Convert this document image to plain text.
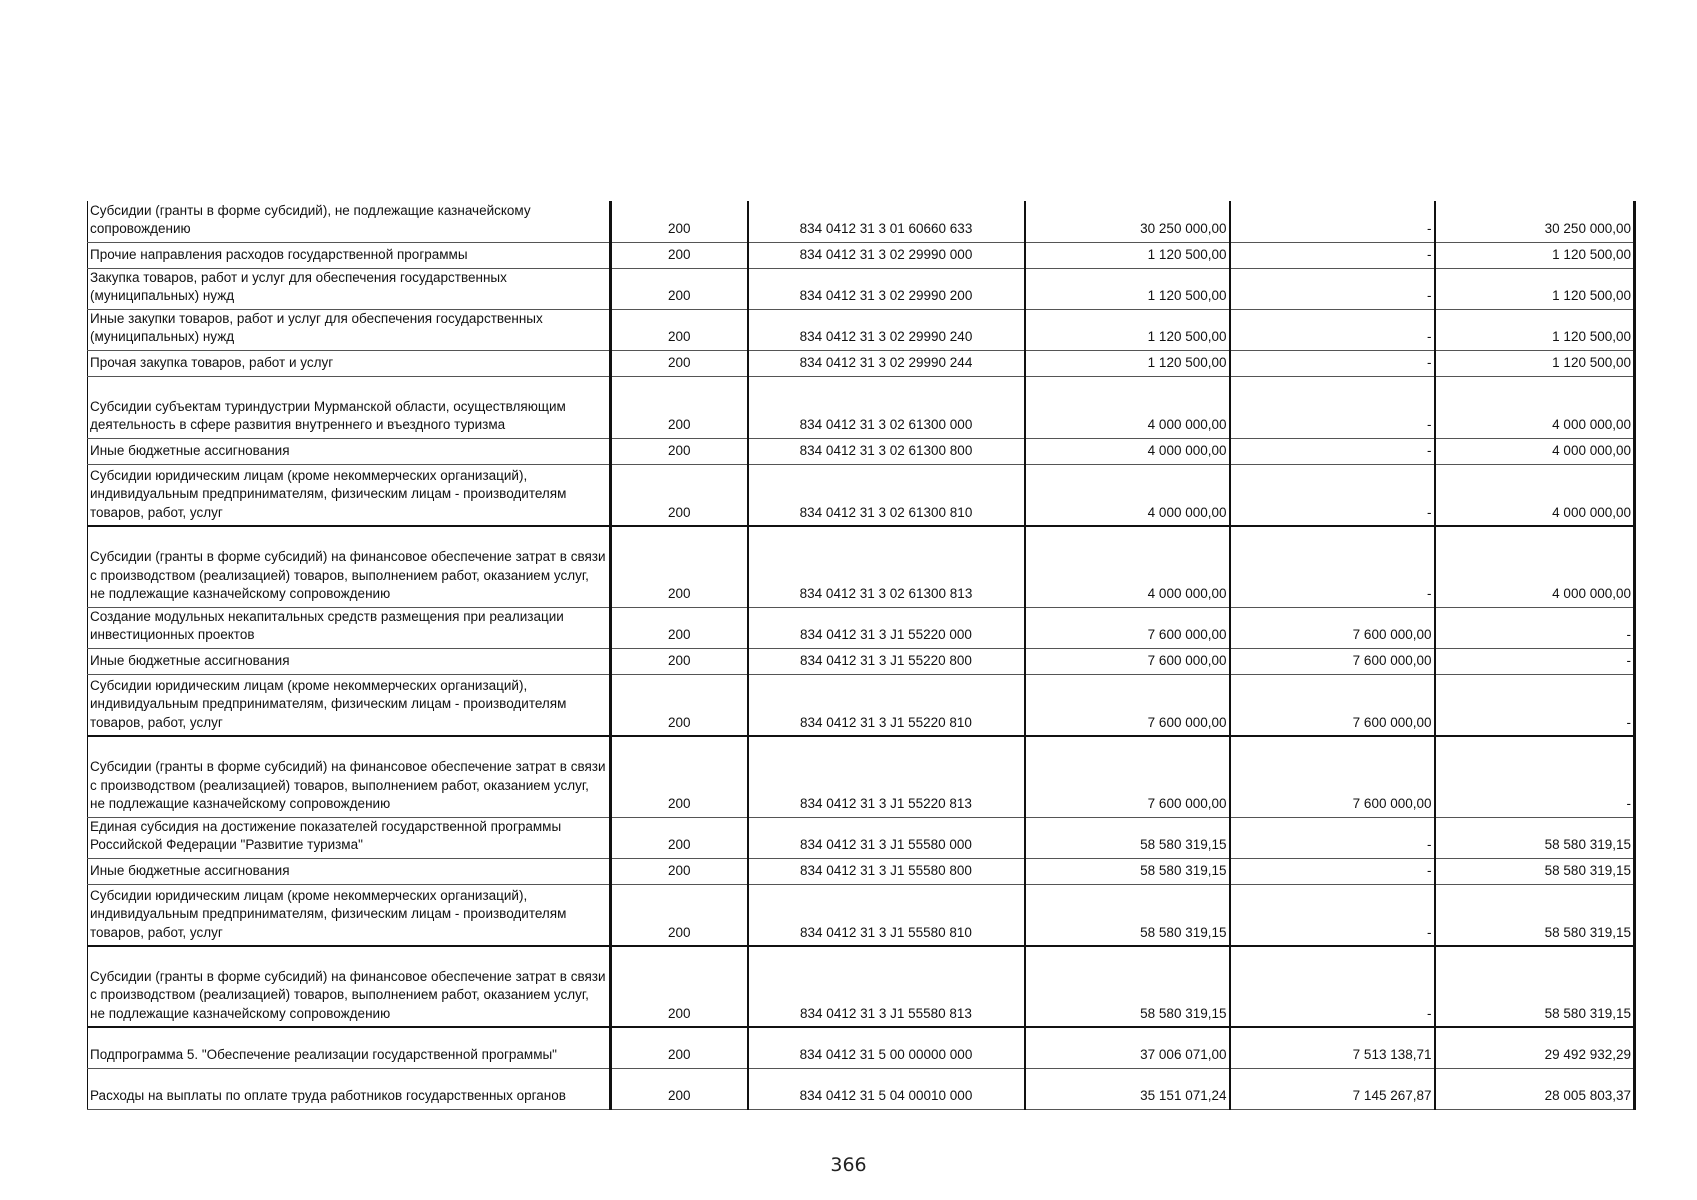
Субсидии (гранты в форме субсидий), не подлежащие казначейскому сопровождению	200	834 0412 31 3 01 60660 633	30 250 000,00	-	30 250 000,00
Прочие направления расходов государственной программы	200	834 0412 31 3 02 29990 000	1 120 500,00	-	1 120 500,00
Закупка товаров, работ и услуг для обеспечения государственных (муниципальных) нужд	200	834 0412 31 3 02 29990 200	1 120 500,00	-	1 120 500,00
Иные закупки товаров, работ и услуг для обеспечения государственных (муниципальных) нужд	200	834 0412 31 3 02 29990 240	1 120 500,00	-	1 120 500,00
Прочая закупка товаров, работ и услуг	200	834 0412 31 3 02 29990 244	1 120 500,00	-	1 120 500,00
Субсидии субъектам туриндустрии Мурманской области, осуществляющим деятельность в сфере развития внутреннего и въездного туризма	200	834 0412 31 3 02 61300 000	4 000 000,00	-	4 000 000,00
Иные бюджетные ассигнования	200	834 0412 31 3 02 61300 800	4 000 000,00	-	4 000 000,00
Субсидии юридическим лицам (кроме некоммерческих организаций), индивидуальным предпринимателям, физическим лицам - производителям товаров, работ, услуг	200	834 0412 31 3 02 61300 810	4 000 000,00	-	4 000 000,00
Субсидии (гранты в форме субсидий) на финансовое обеспечение затрат в связи с производством (реализацией) товаров, выполнением работ, оказанием услуг, не подлежащие казначейскому сопровождению	200	834 0412 31 3 02 61300 813	4 000 000,00	-	4 000 000,00
Создание модульных некапитальных средств размещения при реализации инвестиционных проектов	200	834 0412 31 3 J1 55220 000	7 600 000,00	7 600 000,00	-
Иные бюджетные ассигнования	200	834 0412 31 3 J1 55220 800	7 600 000,00	7 600 000,00	-
Субсидии юридическим лицам (кроме некоммерческих организаций), индивидуальным предпринимателям, физическим лицам - производителям товаров, работ, услуг	200	834 0412 31 3 J1 55220 810	7 600 000,00	7 600 000,00	-
Субсидии (гранты в форме субсидий) на финансовое обеспечение затрат в связи с производством (реализацией) товаров, выполнением работ, оказанием услуг, не подлежащие казначейскому сопровождению	200	834 0412 31 3 J1 55220 813	7 600 000,00	7 600 000,00	-
Единая субсидия на достижение показателей государственной программы Российской Федерации "Развитие туризма"	200	834 0412 31 3 J1 55580 000	58 580 319,15	-	58 580 319,15
Иные бюджетные ассигнования	200	834 0412 31 3 J1 55580 800	58 580 319,15	-	58 580 319,15
Субсидии юридическим лицам (кроме некоммерческих организаций), индивидуальным предпринимателям, физическим лицам - производителям товаров, работ, услуг	200	834 0412 31 3 J1 55580 810	58 580 319,15	-	58 580 319,15
Субсидии (гранты в форме субсидий) на финансовое обеспечение затрат в связи с производством (реализацией) товаров, выполнением работ, оказанием услуг, не подлежащие казначейскому сопровождению	200	834 0412 31 3 J1 55580 813	58 580 319,15	-	58 580 319,15
Подпрограмма 5. "Обеспечение реализации государственной программы"	200	834 0412 31 5 00 00000 000	37 006 071,00	7 513 138,71	29 492 932,29
Расходы на выплаты по оплате труда работников государственных органов	200	834 0412 31 5 04 00010 000	35 151 071,24	7 145 267,87	28 005 803,37
366
